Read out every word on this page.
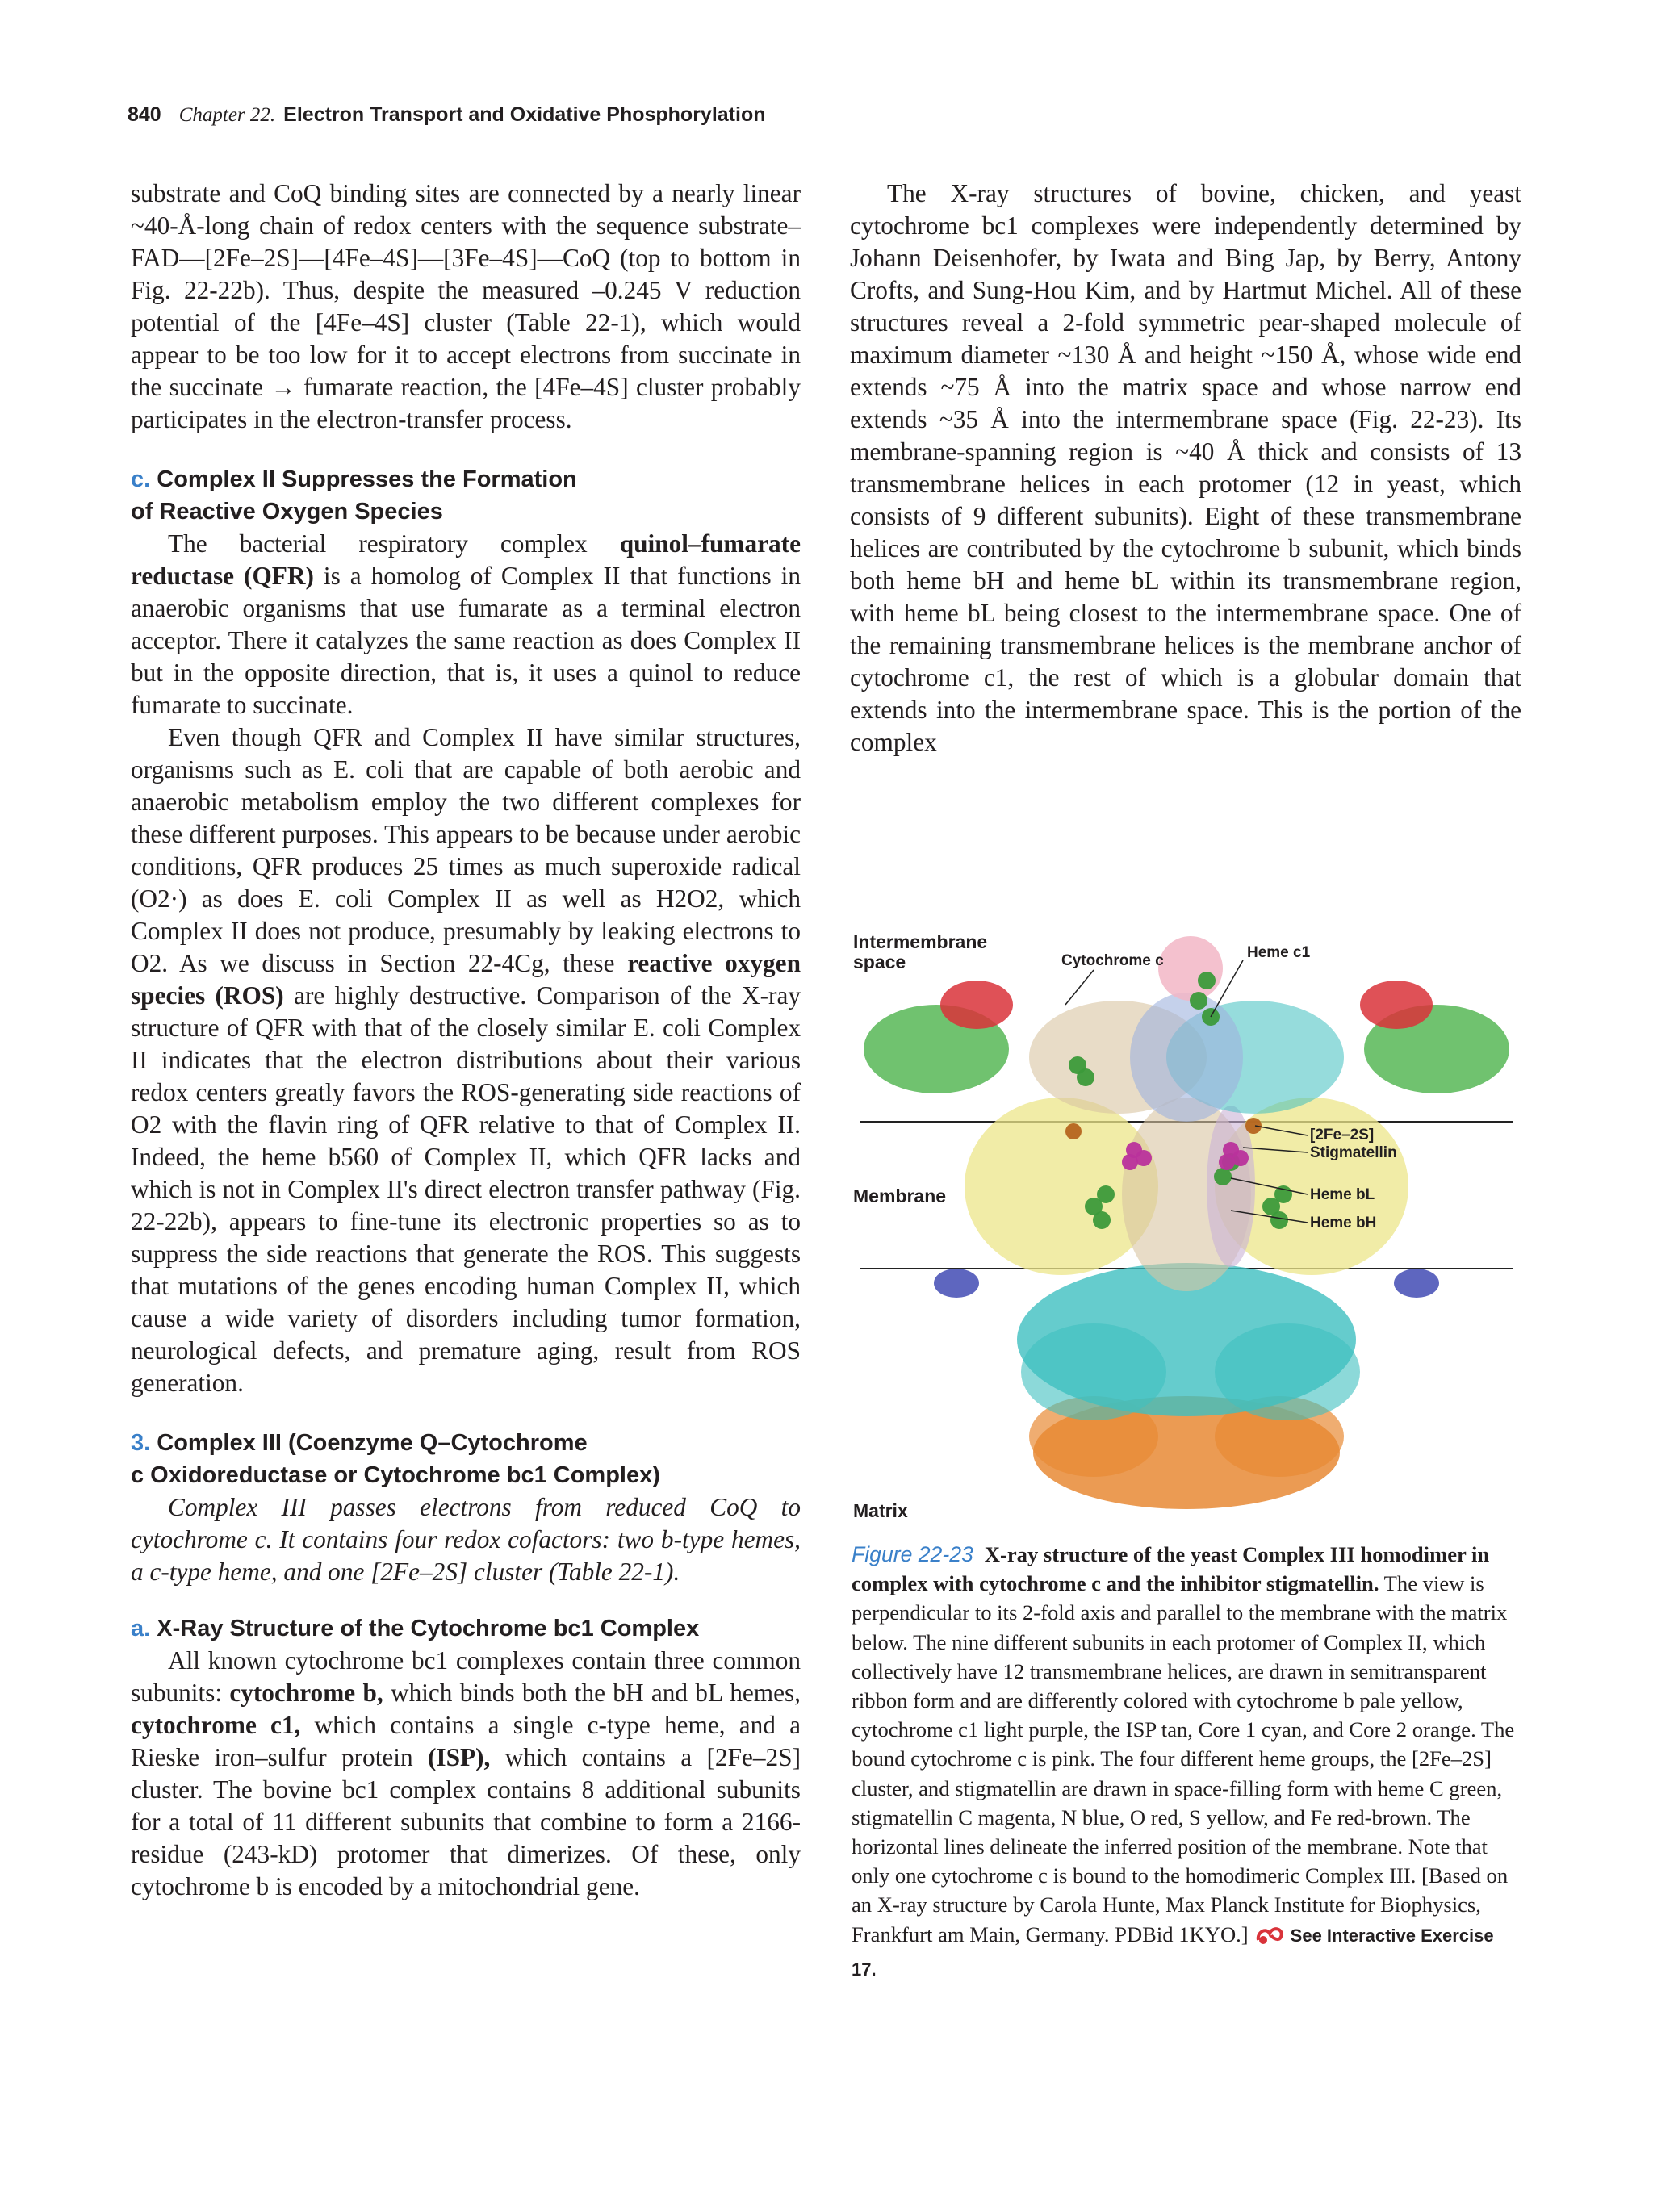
840 Chapter 22. Electron Transport and Oxidative Phosphorylation

substrate and CoQ binding sites are connected by a nearly linear ~40-Å-long chain of redox centers with the sequence substrate–FAD—[2Fe–2S]—[4Fe–4S]—[3Fe–4S]—CoQ (top to bottom in Fig. 22-22b). Thus, despite the measured –0.245 V reduction potential of the [4Fe–4S] cluster (Table 22-1), which would appear to be too low for it to accept electrons from succinate in the succinate → fumarate reaction, the [4Fe–4S] cluster probably participates in the electron-transfer process.

c. Complex II Suppresses the Formation
of Reactive Oxygen Species

The bacterial respiratory complex quinol–fumarate reductase (QFR) is a homolog of Complex II that functions in anaerobic organisms that use fumarate as a terminal electron acceptor. There it catalyzes the same reaction as does Complex II but in the opposite direction, that is, it uses a quinol to reduce fumarate to succinate.

Even though QFR and Complex II have similar structures, organisms such as E. coli that are capable of both aerobic and anaerobic metabolism employ the two different complexes for these different purposes. This appears to be because under aerobic conditions, QFR produces 25 times as much superoxide radical (O2·) as does E. coli Complex II as well as H2O2, which Complex II does not produce, presumably by leaking electrons to O2. As we discuss in Section 22-4Cg, these reactive oxygen species (ROS) are highly destructive. Comparison of the X-ray structure of QFR with that of the closely similar E. coli Complex II indicates that the electron distributions about their various redox centers greatly favors the ROS-generating side reactions of O2 with the flavin ring of QFR relative to that of Complex II. Indeed, the heme b560 of Complex II, which QFR lacks and which is not in Complex II's direct electron transfer pathway (Fig. 22-22b), appears to fine-tune its electronic properties so as to suppress the side reactions that generate the ROS. This suggests that mutations of the genes encoding human Complex II, which cause a wide variety of disorders including tumor formation, neurological defects, and premature aging, result from ROS generation.

3. Complex III (Coenzyme Q–Cytochrome
c Oxidoreductase or Cytochrome bc1 Complex)

Complex III passes electrons from reduced CoQ to cytochrome c. It contains four redox cofactors: two b-type hemes, a c-type heme, and one [2Fe–2S] cluster (Table 22-1).

a. X-Ray Structure of the Cytochrome bc1 Complex

All known cytochrome bc1 complexes contain three common subunits: cytochrome b, which binds both the bH and bL hemes, cytochrome c1, which contains a single c-type heme, and a Rieske iron–sulfur protein (ISP), which contains a [2Fe–2S] cluster. The bovine bc1 complex contains 8 additional subunits for a total of 11 different subunits that combine to form a 2166-residue (243-kD) protomer that dimerizes. Of these, only cytochrome b is encoded by a mitochondrial gene.

The X-ray structures of bovine, chicken, and yeast cytochrome bc1 complexes were independently determined by Johann Deisenhofer, by Iwata and Bing Jap, by Berry, Antony Crofts, and Sung-Hou Kim, and by Hartmut Michel. All of these structures reveal a 2-fold symmetric pear-shaped molecule of maximum diameter ~130 Å and height ~150 Å, whose wide end extends ~75 Å into the matrix space and whose narrow end extends ~35 Å into the intermembrane space (Fig. 22-23). Its membrane-spanning region is ~40 Å thick and consists of 13 transmembrane helices in each protomer (12 in yeast, which consists of 9 different subunits). Eight of these transmembrane helices are contributed by the cytochrome b subunit, which binds both heme bH and heme bL within its transmembrane region, with heme bL being closest to the intermembrane space. One of the remaining transmembrane helices is the membrane anchor of cytochrome c1, the rest of which is a globular domain that extends into the intermembrane space. This is the portion of the complex

Intermembrane space
Membrane
Matrix
Cytochrome c	Heme c1
[2Fe–2S]
Stigmatellin
Heme bL
Heme bH

Figure 22-23 X-ray structure of the yeast Complex III homodimer in complex with cytochrome c and the inhibitor stigmatellin. The view is perpendicular to its 2-fold axis and parallel to the membrane with the matrix below. The nine different subunits in each protomer of Complex II, which collectively have 12 transmembrane helices, are drawn in semitransparent ribbon form and are differently colored with cytochrome b pale yellow, cytochrome c1 light purple, the ISP tan, Core 1 cyan, and Core 2 orange. The bound cytochrome c is pink. The four different heme groups, the [2Fe–2S] cluster, and stigmatellin are drawn in space-filling form with heme C green, stigmatellin C magenta, N blue, O red, S yellow, and Fe red-brown. The horizontal lines delineate the inferred position of the membrane. Note that only one cytochrome c is bound to the homodimeric Complex III. [Based on an X-ray structure by Carola Hunte, Max Planck Institute for Biophysics, Frankfurt am Main, Germany. PDBid 1KYO.] See Interactive Exercise 17.
